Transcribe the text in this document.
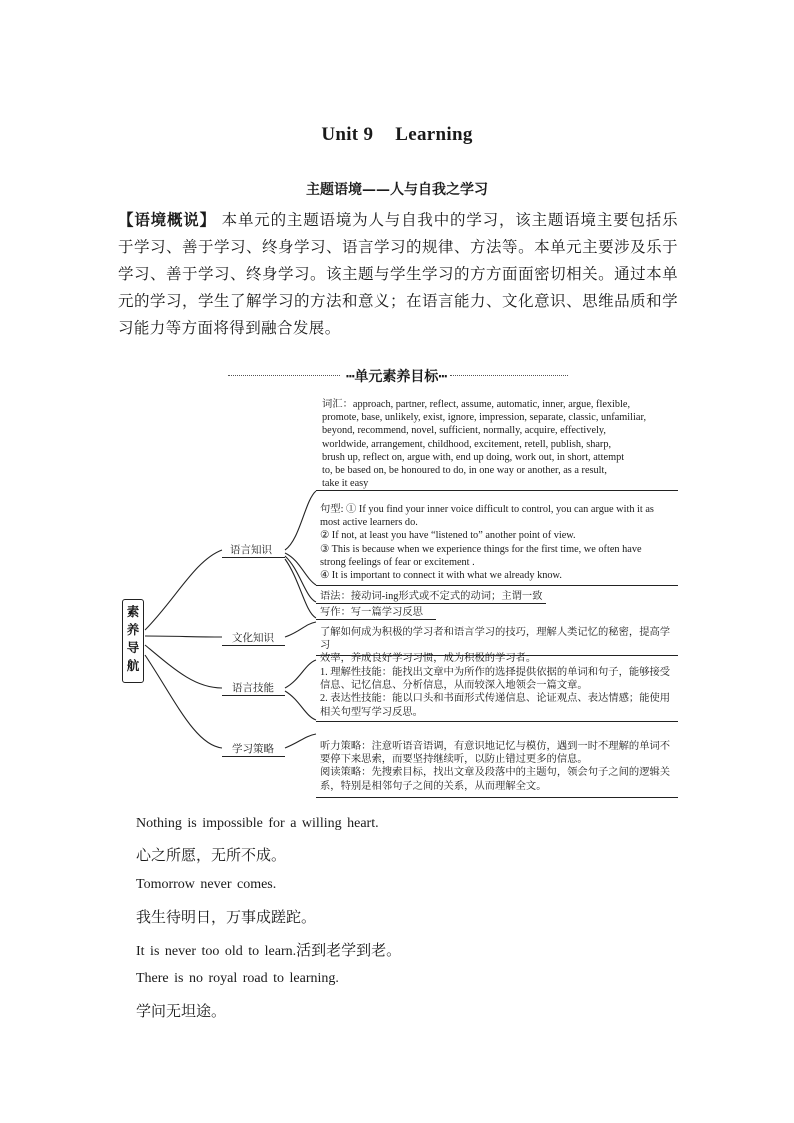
Unit 9 Learning
主题语境——人与自我之学习
【语境概说】 本单元的主题语境为人与自我中的学习，该主题语境主要包括乐于学习、善于学习、终身学习、语言学习的规律、方法等。本单元主要涉及乐于学习、善于学习、终身学习。该主题与学生学习的方方面面密切相关。通过本单元的学习，学生了解学习的方法和意义；在语言能力、文化意识、思维品质和学习能力等方面将得到融合发展。
┅单元素养目标┅
素
养
导
航
语言知识
文化知识
语言技能
学习策略
词汇：approach, partner, reflect, assume, automatic, inner, argue, flexible,
promote, base, unlikely, exist, ignore, impression, separate, classic, unfamiliar,
beyond, recommend, novel, sufficient, normally, acquire, effectively,
worldwide, arrangement, childhood, excitement, retell, publish, sharp,
brush up, reflect on, argue with, end up doing, work out, in short, attempt
to, be based on, be honoured to do, in one way or another, as a result,
take it easy
句型: ① If you find your inner voice difficult to control, you can argue with it as
most active learners do.
② If not, at least you have “listened to” another point of view.
③ This is because when we experience things for the first time, we often have
strong feelings of fear or excitement .
④ It is important to connect it with what we already know.
语法：接动词-ing形式或不定式的动词；主谓一致
写作：写一篇学习反思
了解如何成为积极的学习者和语言学习的技巧，理解人类记忆的秘密，提高学习
效率，养成良好学习习惯，成为积极的学习者。
1. 理解性技能：能找出文章中为所作的选择提供依据的单词和句子，能够接受
信息、记忆信息、分析信息，从而较深入地领会一篇文章。
2. 表达性技能：能以口头和书面形式传递信息、论证观点、表达情感；能使用
相关句型写学习反思。
听力策略：注意听语音语调，有意识地记忆与模仿，遇到一时不理解的单词不
要停下来思索，而要坚持继续听，以防止错过更多的信息。
阅读策略：先搜索目标，找出文章及段落中的主题句，领会句子之间的逻辑关
系，特别是相邻句子之间的关系，从而理解全文。
Nothing is impossible for a willing heart.
心之所愿，无所不成。
Tomorrow never comes.
我生待明日，万事成蹉跎。
It is never too old to learn.活到老学到老。
There is no royal road to learning.
学问无坦途。
